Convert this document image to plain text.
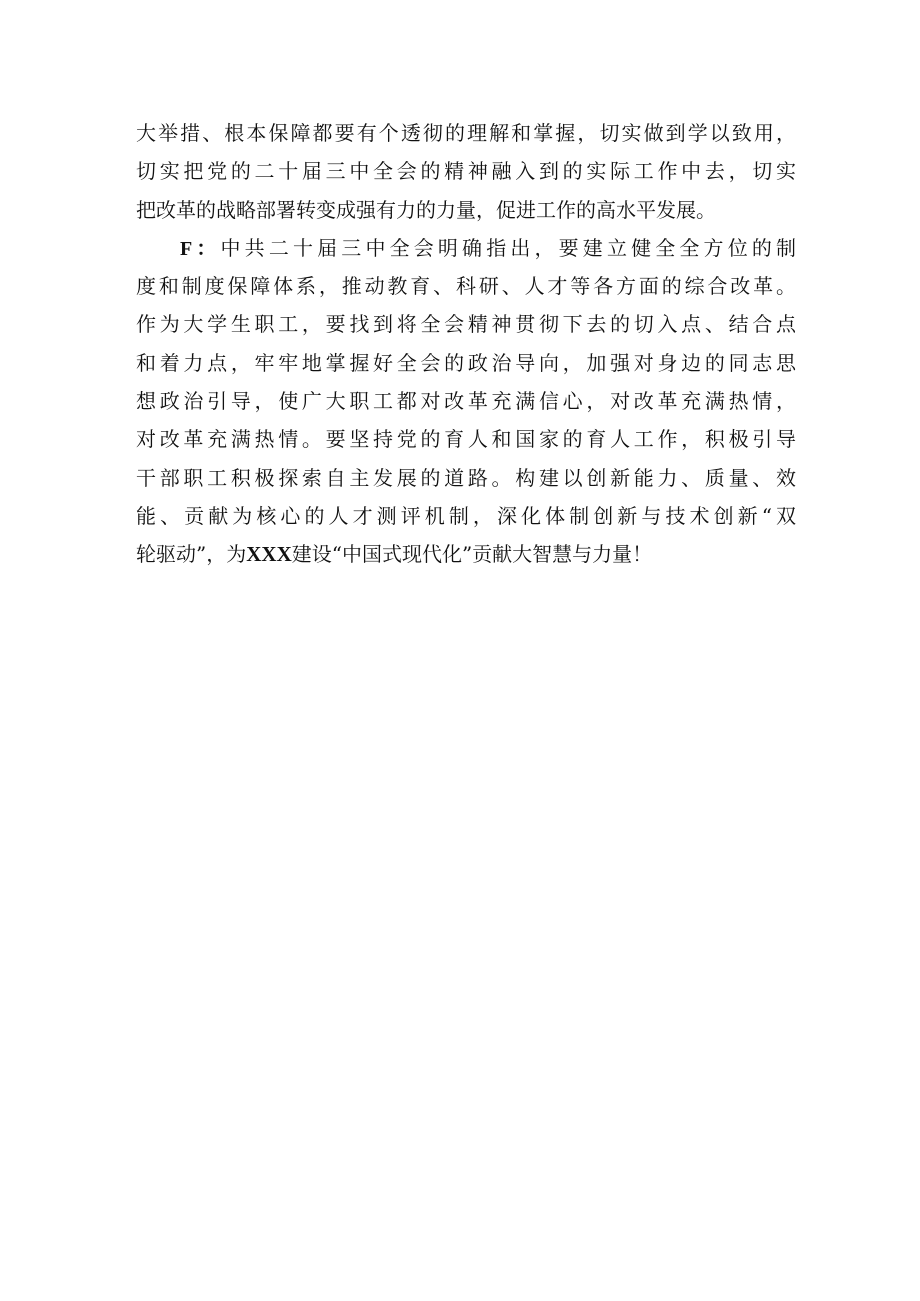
大举措、根本保障都要有个透彻的理解和掌握，切实做到学以致用，
切实把党的二十届三中全会的精神融入到的实际工作中去，切实
把改革的战略部署转变成强有力的力量，促进工作的高水平发展。
F：中共二十届三中全会明确指出，要建立健全全方位的制
度和制度保障体系，推动教育、科研、人才等各方面的综合改革。
作为大学生职工，要找到将全会精神贯彻下去的切入点、结合点
和着力点，牢牢地掌握好全会的政治导向，加强对身边的同志思
想政治引导，使广大职工都对改革充满信心，对改革充满热情，
对改革充满热情。要坚持党的育人和国家的育人工作，积极引导
干部职工积极探索自主发展的道路。构建以创新能力、质量、效
能、贡献为核心的人才测评机制，深化体制创新与技术创新“双
轮驱动”，为XXX建设“中国式现代化”贡献大智慧与力量！
